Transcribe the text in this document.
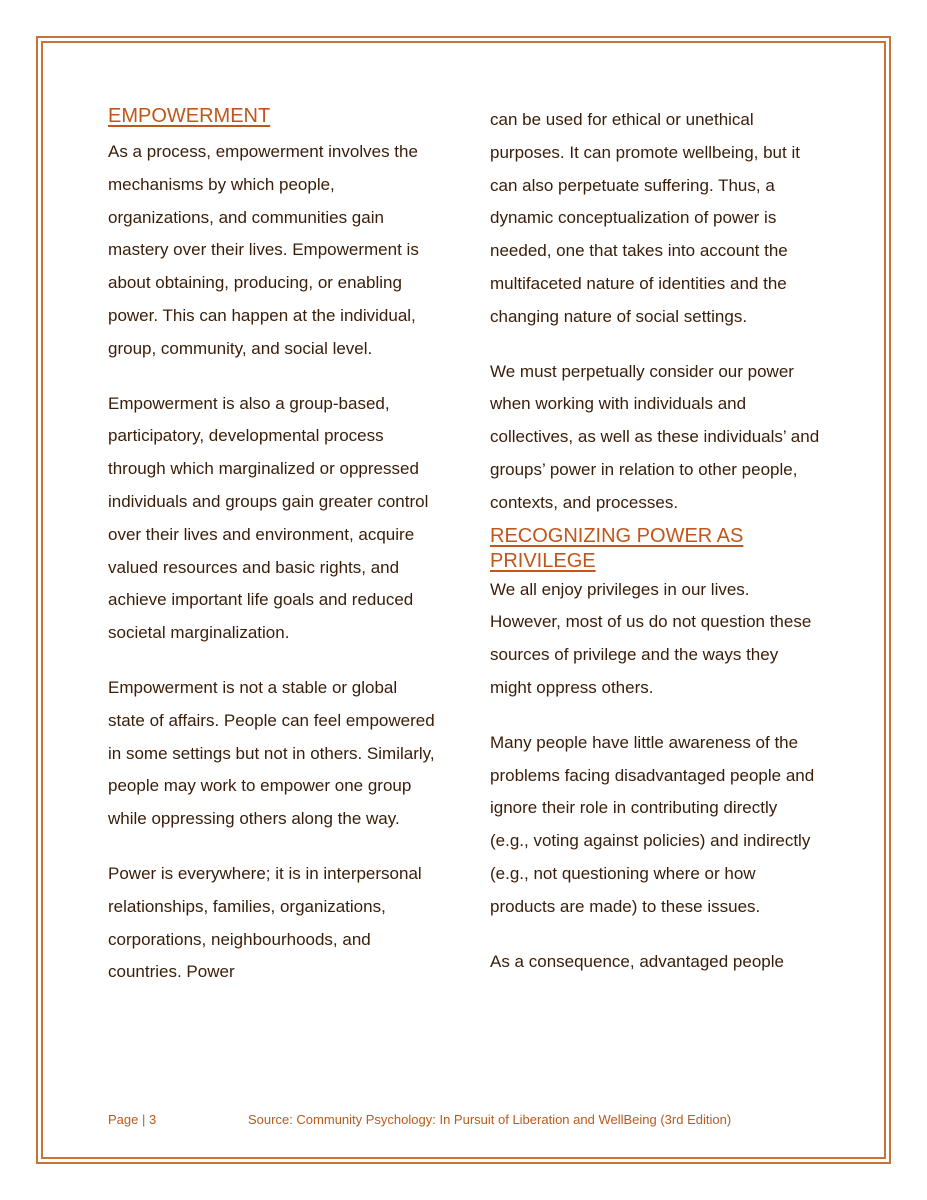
EMPOWERMENT

As a process, empowerment involves the mechanisms by which people, organizations, and communities gain mastery over their lives. Empowerment is about obtaining, producing, or enabling power. This can happen at the individual, group, community, and social level.

Empowerment is also a group-based, participatory, developmental process through which marginalized or oppressed individuals and groups gain greater control over their lives and environment, acquire valued resources and basic rights, and achieve important life goals and reduced societal marginalization.

Empowerment is not a stable or global state of affairs. People can feel empowered in some settings but not in others. Similarly, people may work to empower one group while oppressing others along the way.

Power is everywhere; it is in interpersonal relationships, families, organizations, corporations, neighbourhoods, and countries. Power

can be used for ethical or unethical purposes. It can promote wellbeing, but it can also perpetuate suffering. Thus, a dynamic conceptualization of power is needed, one that takes into account the multifaceted nature of identities and the changing nature of social settings.

We must perpetually consider our power when working with individuals and collectives, as well as these individuals’ and groups’ power in relation to other people, contexts, and processes.

RECOGNIZING POWER AS PRIVILEGE

We all enjoy privileges in our lives. However, most of us do not question these sources of privilege and the ways they might oppress others.

Many people have little awareness of the problems facing disadvantaged people and ignore their role in contributing directly (e.g., voting against policies) and indirectly (e.g., not questioning where or how products are made) to these issues.

As a consequence, advantaged people

Page | 3	Source: Community Psychology: In Pursuit of Liberation and WellBeing (3rd Edition)
